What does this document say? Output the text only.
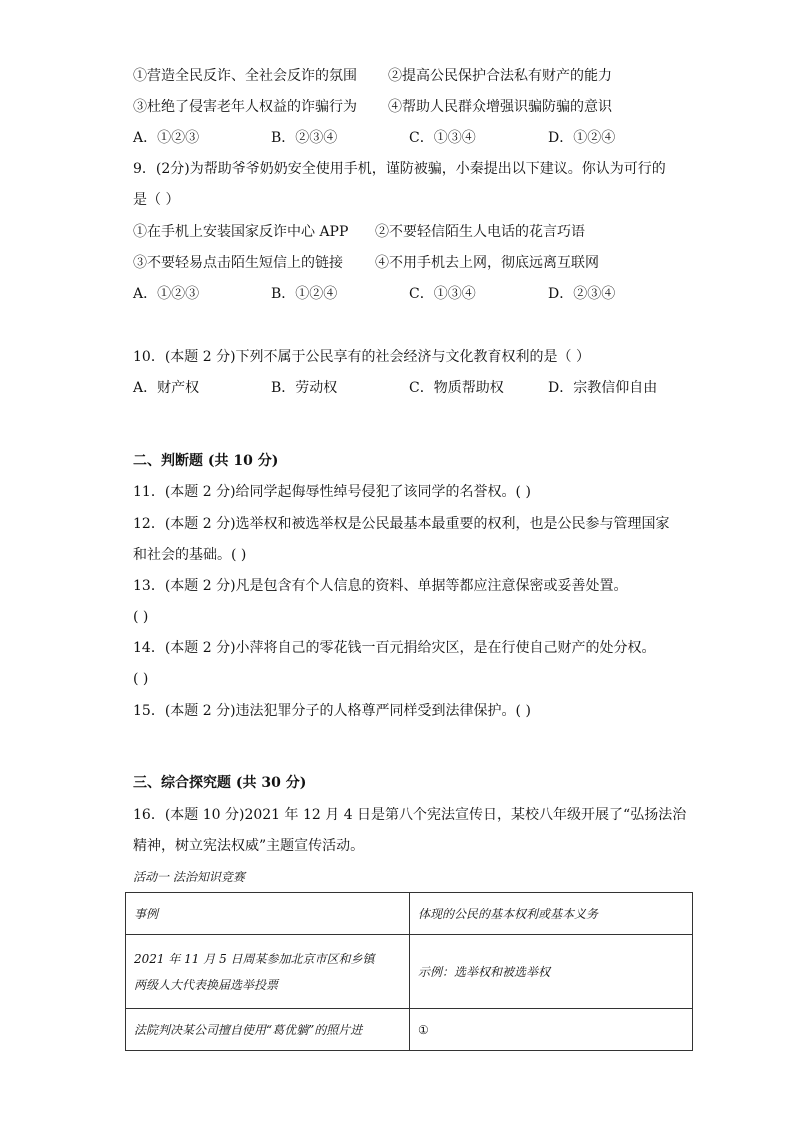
①营造全民反诈、全社会反诈的氛围 ②提高公民保护合法私有财产的能力
③杜绝了侵害老年人权益的诈骗行为 ④帮助人民群众增强识骗防骗的意识
A．①②③	B．②③④	C．①③④	D．①②④
9．(2分)为帮助爷爷奶奶安全使用手机，谨防被骗，小秦提出以下建议。你认为可行的
是（ ）
①在手机上安装国家反诈中心 APP ②不要轻信陌生人电话的花言巧语
③不要轻易点击陌生短信上的链接 ④不用手机去上网，彻底远离互联网
A．①②③	B．①②④	C．①③④	D．②③④
10．(本题 2 分)下列不属于公民享有的社会经济与文化教育权利的是（ ）
A．财产权	B．劳动权	C．物质帮助权	D．宗教信仰自由
二、判断题 (共 10 分)
11．(本题 2 分)给同学起侮辱性绰号侵犯了该同学的名誉权。( )
12．(本题 2 分)选举权和被选举权是公民最基本最重要的权利，也是公民参与管理国家
和社会的基础。( )
13．(本题 2 分)凡是包含有个人信息的资料、单据等都应注意保密或妥善处置。
( )
14．(本题 2 分)小萍将自己的零花钱一百元捐给灾区，是在行使自己财产的处分权。
( )
15．(本题 2 分)违法犯罪分子的人格尊严同样受到法律保护。( )
三、综合探究题 (共 30 分)
16．(本题 10 分)2021 年 12 月 4 日是第八个宪法宣传日，某校八年级开展了“弘扬法治
精神，树立宪法权威”主题宣传活动。
活动一 法治知识竞赛
事例	体现的公民的基本权利或基本义务

2021 年 11 月 5 日周某参加北京市区和乡镇
两级人大代表换届选举投票	示例：选举权和被选举权
法院判决某公司擅自使用“葛优躺”的照片进	①
